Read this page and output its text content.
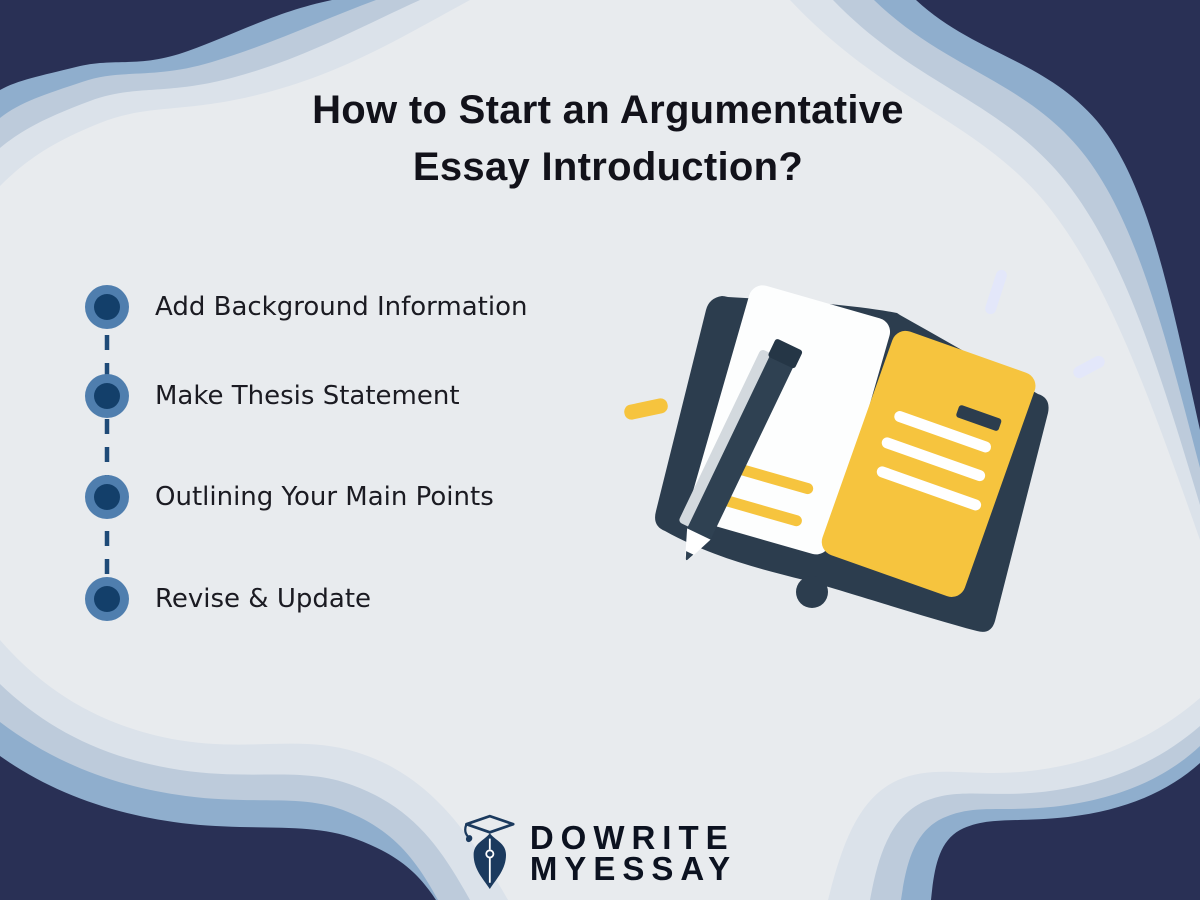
How to Start an Argumentative
Essay Introduction?
Add Background Information
Make Thesis Statement
Outlining Your Main Points
Revise & Update
DOWRITE
MYESSAY
